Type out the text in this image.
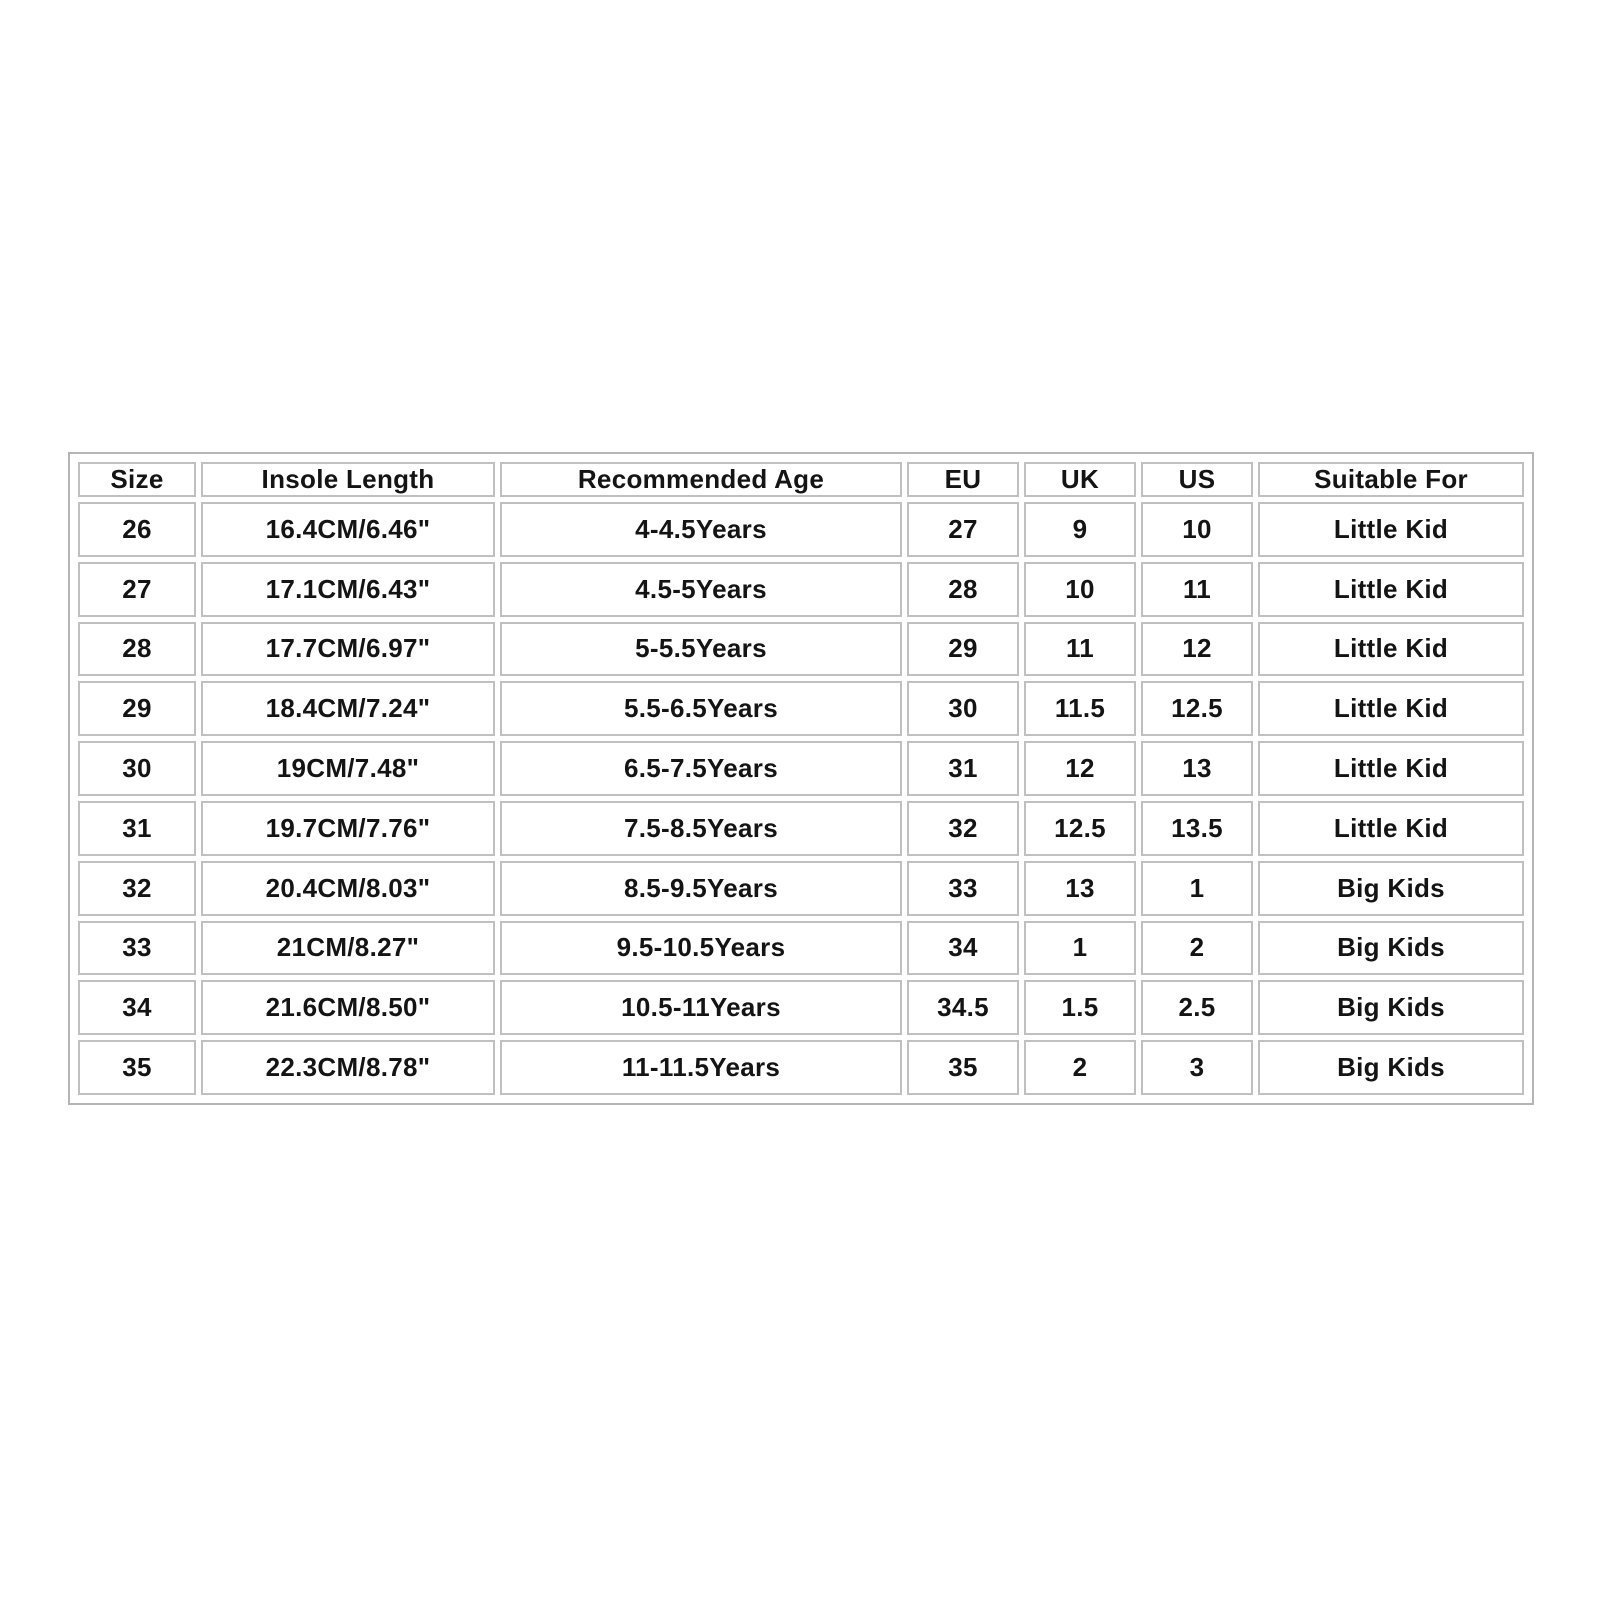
Size	Insole Length	Recommended Age	EU	UK	US	Suitable For
26	16.4CM/6.46"	4-4.5Years	27	9	10	Little Kid
27	17.1CM/6.43"	4.5-5Years	28	10	11	Little Kid
28	17.7CM/6.97"	5-5.5Years	29	11	12	Little Kid
29	18.4CM/7.24"	5.5-6.5Years	30	11.5	12.5	Little Kid
30	19CM/7.48"	6.5-7.5Years	31	12	13	Little Kid
31	19.7CM/7.76"	7.5-8.5Years	32	12.5	13.5	Little Kid
32	20.4CM/8.03"	8.5-9.5Years	33	13	1	Big Kids
33	21CM/8.27"	9.5-10.5Years	34	1	2	Big Kids
34	21.6CM/8.50"	10.5-11Years	34.5	1.5	2.5	Big Kids
35	22.3CM/8.78"	11-11.5Years	35	2	3	Big Kids
